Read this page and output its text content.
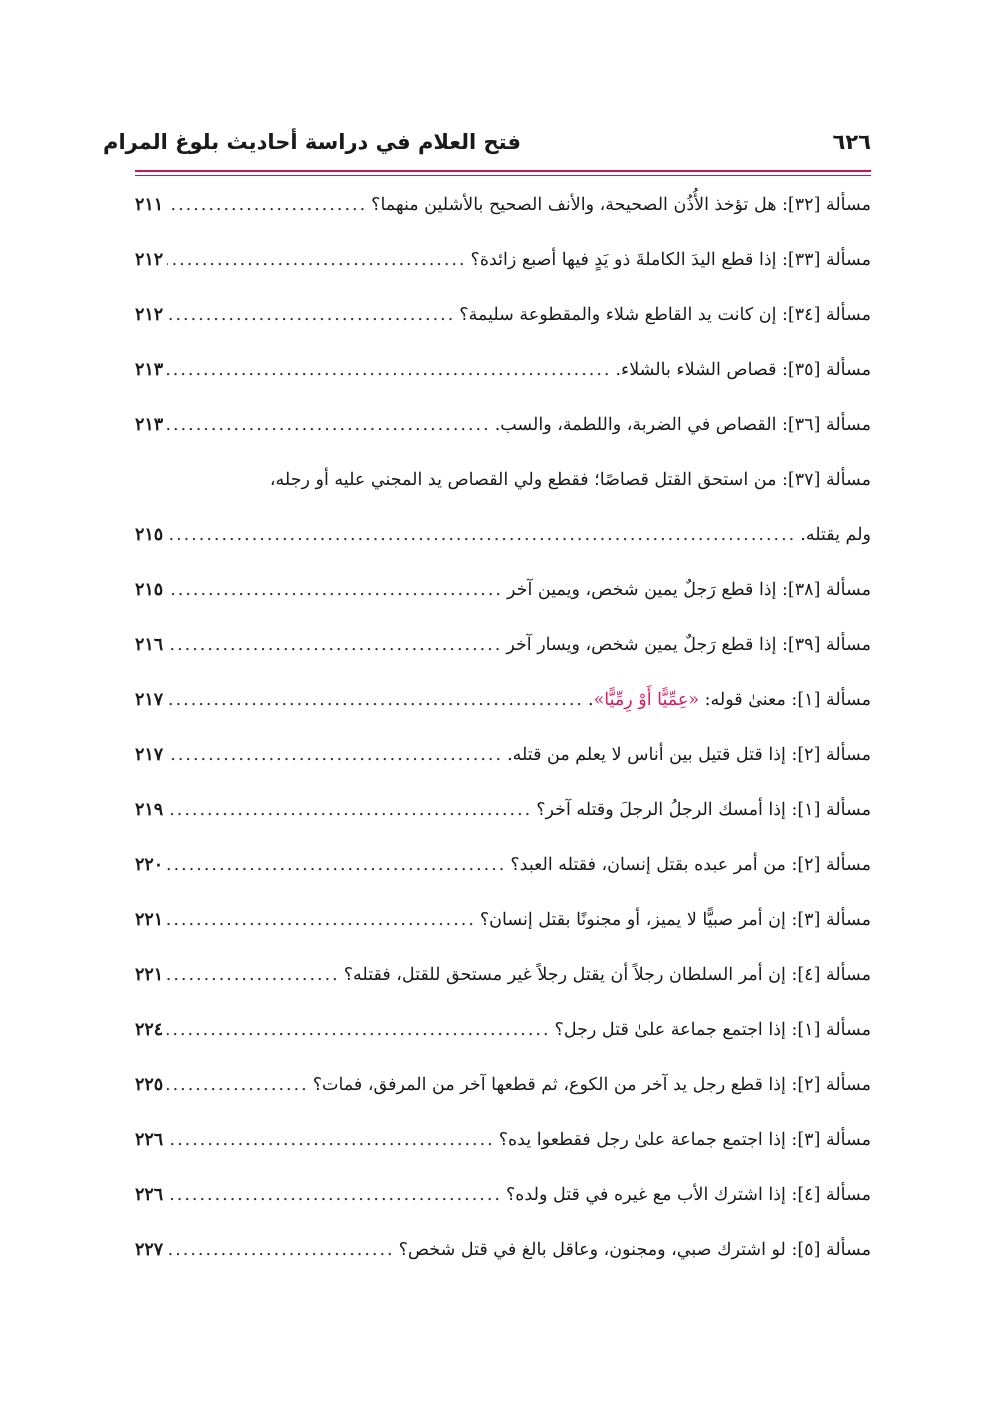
٦٢٦
فتح العلام في دراسة أحاديث بلوغ المرام
مسألة [٣٢]: هل تؤخذ الأُذُن الصحيحة، والأنف الصحيح بالأشلين منهما؟
.....
٢١١
مسألة [٣٣]: إذا قطع اليدَ الكاملةَ ذو يَدٍ فيها أصبع زائدة؟
.....
٢١٢
مسألة [٣٤]: إن كانت يد القاطع شلاء والمقطوعة سليمة؟
.....
٢١٢
مسألة [٣٥]: قصاص الشلاء بالشلاء.
.....
٢١٣
مسألة [٣٦]: القصاص في الضربة، واللطمة، والسب.
.....
٢١٣
مسألة [٣٧]: من استحق القتل قصاصًا؛ فقطع ولي القصاص يد المجني عليه أو رجله،
ولم يقتله.
.....
٢١٥
مسألة [٣٨]: إذا قطع رَجلٌ يمين شخص، ويمين آخر
.....
٢١٥
مسألة [٣٩]: إذا قطع رَجلٌ يمين شخص، ويسار آخر
.....
٢١٦
مسألة [١]: معنىٰ قوله: «عِمِّيًّا أَوْ رِمِّيًّا».
.....
٢١٧
مسألة [٢]: إذا قتل قتيل بين أناس لا يعلم من قتله.
.....
٢١٧
مسألة [١]: إذا أمسك الرجلُ الرجلَ وقتله آخر؟
.....
٢١٩
مسألة [٢]: من أمر عبده بقتل إنسان، فقتله العبد؟
.....
٢٢٠
مسألة [٣]: إن أمر صبيًّا لا يميز، أو مجنونًا بقتل إنسان؟
.....
٢٢١
مسألة [٤]: إن أمر السلطان رجلاً أن يقتل رجلاً غير مستحق للقتل، فقتله؟
.....
٢٢١
مسألة [١]: إذا اجتمع جماعة علىٰ قتل رجل؟
.....
٢٢٤
مسألة [٢]: إذا قطع رجل يد آخر من الكوع، ثم قطعها آخر من المرفق، فمات؟
.....
٢٢٥
مسألة [٣]: إذا اجتمع جماعة علىٰ رجل فقطعوا يده؟
.....
٢٢٦
مسألة [٤]: إذا اشترك الأب مع غيره في قتل ولده؟
.....
٢٢٦
مسألة [٥]: لو اشترك صبي، ومجنون، وعاقل بالغ في قتل شخص؟
.....
٢٢٧
